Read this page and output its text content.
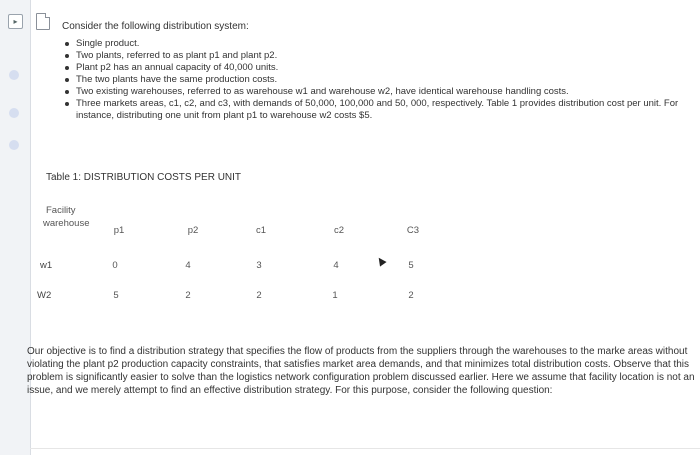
▸	Consider the following distribution system:
Single product.
Two plants, referred to as plant p1 and plant p2.
Plant p2 has an annual capacity of 40,000 units.
The two plants have the same production costs.
Two existing warehouses, referred to as warehouse w1 and warehouse w2, have identical warehouse handling costs.
Three markets areas, c1, c2, and c3, with demands of 50,000, 100,000 and 50, 000, respectively. Table 1 provides distribution cost per unit. For instance, distributing one unit from plant p1 to warehouse w2 costs $5.
Table 1: DISTRIBUTION COSTS PER UNIT
Facility
warehouse
p1	p2	c1	c2	C3
w1	0	4	3	4	5
W2	5	2	2	1	2
Our objective is to find a distribution strategy that specifies the flow of products from the suppliers through the warehouses to the marke areas without violating the plant p2 production capacity constraints, that satisfies market area demands, and that minimizes total distribution costs. Observe that this problem is significantly easier to solve than the logistics network configuration problem discussed earlier. Here we assume that facility location is not an issue, and we merely attempt to find an effective distribution strategy. For this purpose, consider the following question:
